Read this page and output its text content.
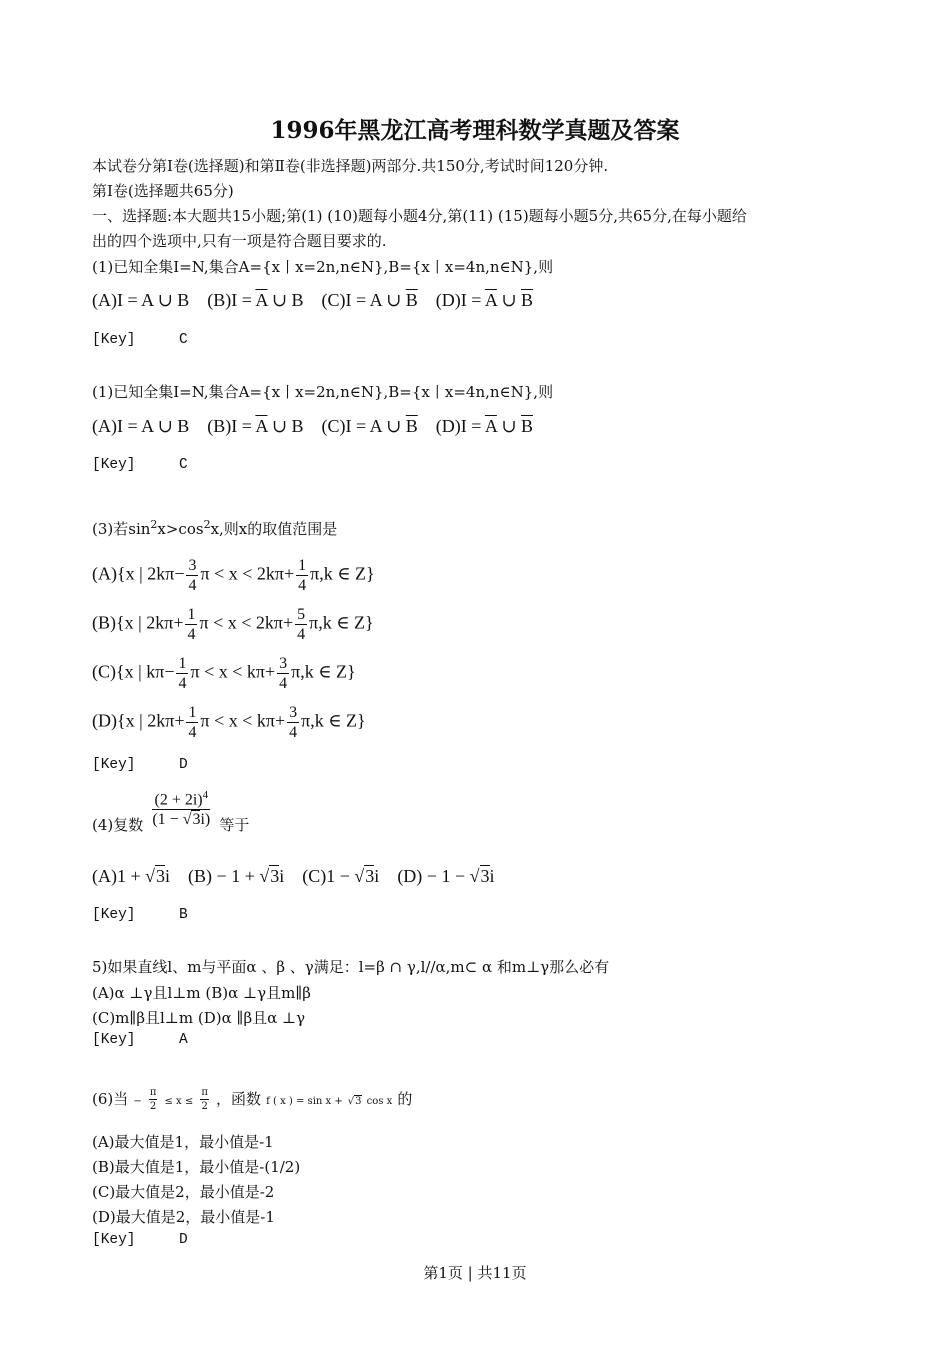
1996年黑龙江高考理科数学真题及答案
本试卷分第Ⅰ卷(选择题)和第Ⅱ卷(非选择题)两部分.共150分,考试时间120分钟.
第Ⅰ卷(选择题共65分)
一、选择题:本大题共15小题;第(1) (10)题每小题4分,第(11) (15)题每小题5分,共65分,在每小题给
出的四个选项中,只有一项是符合题目要求的.
(1)已知全集I=N,集合A={x丨x=2n,n∈N},B={x丨x=4n,n∈N},则
(A)I = A ∪ B $(B)I = \overline{A}$ ∪ B (C)I = A ∪ $\overline{B}$ $(D)I = \overline{A}$ ∪ $\overline{B}$
[Key]	C
(1)已知全集I=N,集合A={x丨x=2n,n∈N},B={x丨x=4n,n∈N},则
(A)I = A ∪ B $(B)I = \overline{A}$ ∪ B (C)I = A ∪ $\overline{B}$ $(D)I = \overline{A}$ ∪ $\overline{B}$
[Key]	C
(3)若$\sin^2x>\cos^2x$,则x的取值范围是
(A){x | $2k\pi- \frac{3}{4}$ $\pi < x < 2k\pi+ \frac{1}{4} \pi,k$ ∈ Z}
(B){x | $2k\pi+ \frac{1}{4}$ $\pi < x < 2k\pi+ \frac{5}{4} \pi,k$ ∈ Z}
(C){x | $k\pi- \frac{1}{4}$ $\pi < x < k\pi+ \frac{3}{4} \pi,k$ ∈ Z}
(D){x | $2k\pi+ \frac{1}{4}$ $\pi < x < k\pi+ \frac{3}{4} \pi,k$ ∈ Z}
[Key]	D
(4)复数 $\frac{(2 + 2i)^4}{(1 - √3i)}$ 等于
(A)1 + √3i (B) − 1 + √3i (C)1 − √3i (D) − 1 − √3i
[Key]	B
5)如果直线l、m与平面α 、β 、γ满足：l=β ∩ γ,l//α,m⊂ α 和m⊥γ那么必有
(A)α ⊥γ且l⊥m (B)α ⊥γ且m∥β
(C)m∥β且l⊥m (D)α ∥β且α ⊥γ
[Key]	A
(6)当 − $\frac{\pi}{2} \le x \le \frac{\pi}{2}$ ，函数 f ( x ) = sin x + √3 cos x 的
(A)最大值是1，最小值是-1
(B)最大值是1，最小值是-(1/2)
(C)最大值是2，最小值是-2
(D)最大值是2，最小值是-1
[Key]	D
第1页 | 共11页
